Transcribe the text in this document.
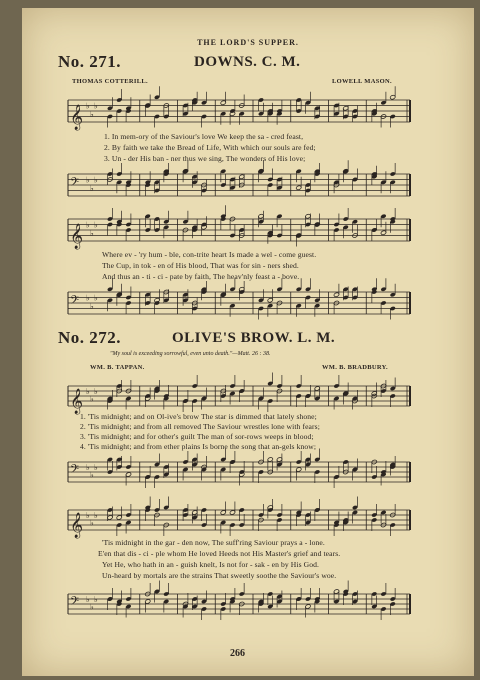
THE LORD'S SUPPER.
No. 271.	DOWNS. C. M.
THOMAS COTTERILL.	LOWELL MASON.
𝄞 ♭
♭
♭
1. In mem-ory of the Saviour's love We keep the sa - cred feast,
2. By faith we take the Bread of Life, With which our souls are fed;
3. Un - der His ban - ner thus we sing, The wonders of His love;
𝄢 ♭
♭
♭
𝄞 ♭
♭
♭
Where ev - 'ry hum - ble, con-trite heart Is made a wel - come guest.
The Cup, in tok - en of His blood, That was for sin - ners shed.
And thus an - ti - ci - pate by faith, The heav'nly feast a - bove.
𝄢 ♭
♭
♭
No. 272.	OLIVE'S BROW. L. M.
"My soul is exceeding sorrowful, even unto death."—Matt. 26 : 38.
WM. B. TAPPAN.	WM. B. BRADBURY.
𝄞 ♭
♭
♭
1. 'Tis midnight; and on Ol-ive's brow The star is dimmed that lately shone;
2. 'Tis midnight; and from all removed The Saviour wrestles lone with fears;
3. 'Tis midnight; and for other's guilt The man of sor-rows weeps in blood;
4. 'Tis midnight; and from ether plains Is borne the song that an-gels know;
𝄢 ♭
♭
♭
𝄞 ♭
♭
♭
'Tis midnight in the gar - den now, The suff'ring Saviour prays a - lone.
E'en that dis - ci - ple whom He loved Heeds not His Master's grief and tears.
Yet He, who hath in an - guish knelt, Is not for - sak - en by His God.
Un-heard by mortals are the strains That sweetly soothe the Saviour's woe.
𝄢 ♭
♭
♭
266
